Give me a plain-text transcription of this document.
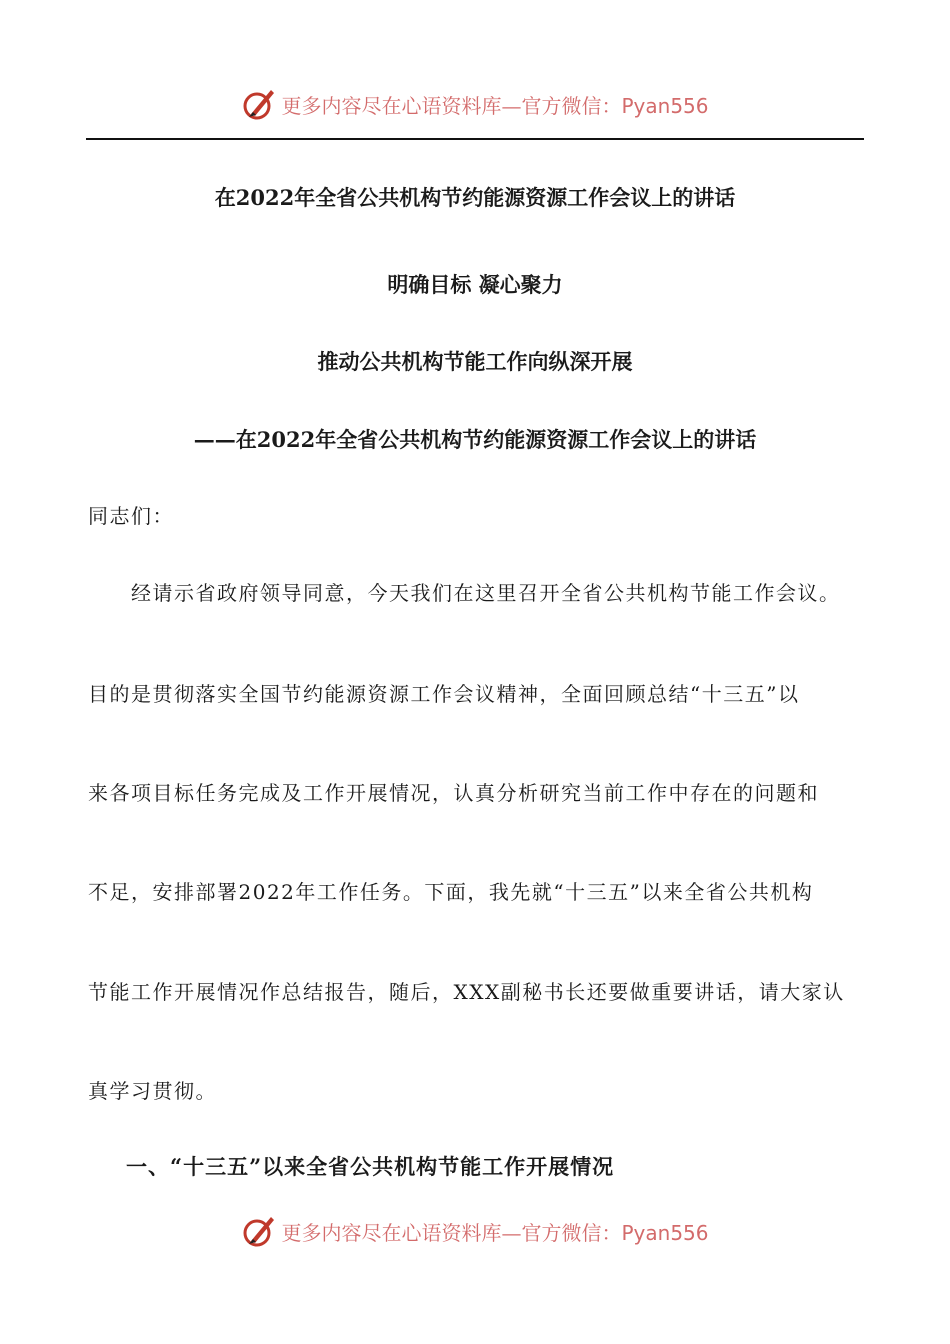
更多内容尽在心语资料库—官方微信：Pyan556
在2022年全省公共机构节约能源资源工作会议上的讲话
明确目标 凝心聚力
推动公共机构节能工作向纵深开展
——在2022年全省公共机构节约能源资源工作会议上的讲话
同志们：
　　经请示省政府领导同意，今天我们在这里召开全省公共机构节能工作会议。
目的是贯彻落实全国节约能源资源工作会议精神，全面回顾总结“十三五”以
来各项目标任务完成及工作开展情况，认真分析研究当前工作中存在的问题和
不足，安排部署2022年工作任务。下面，我先就“十三五”以来全省公共机构
节能工作开展情况作总结报告，随后，XXX副秘书长还要做重要讲话，请大家认
真学习贯彻。
一、“十三五”以来全省公共机构节能工作开展情况
更多内容尽在心语资料库—官方微信：Pyan556
